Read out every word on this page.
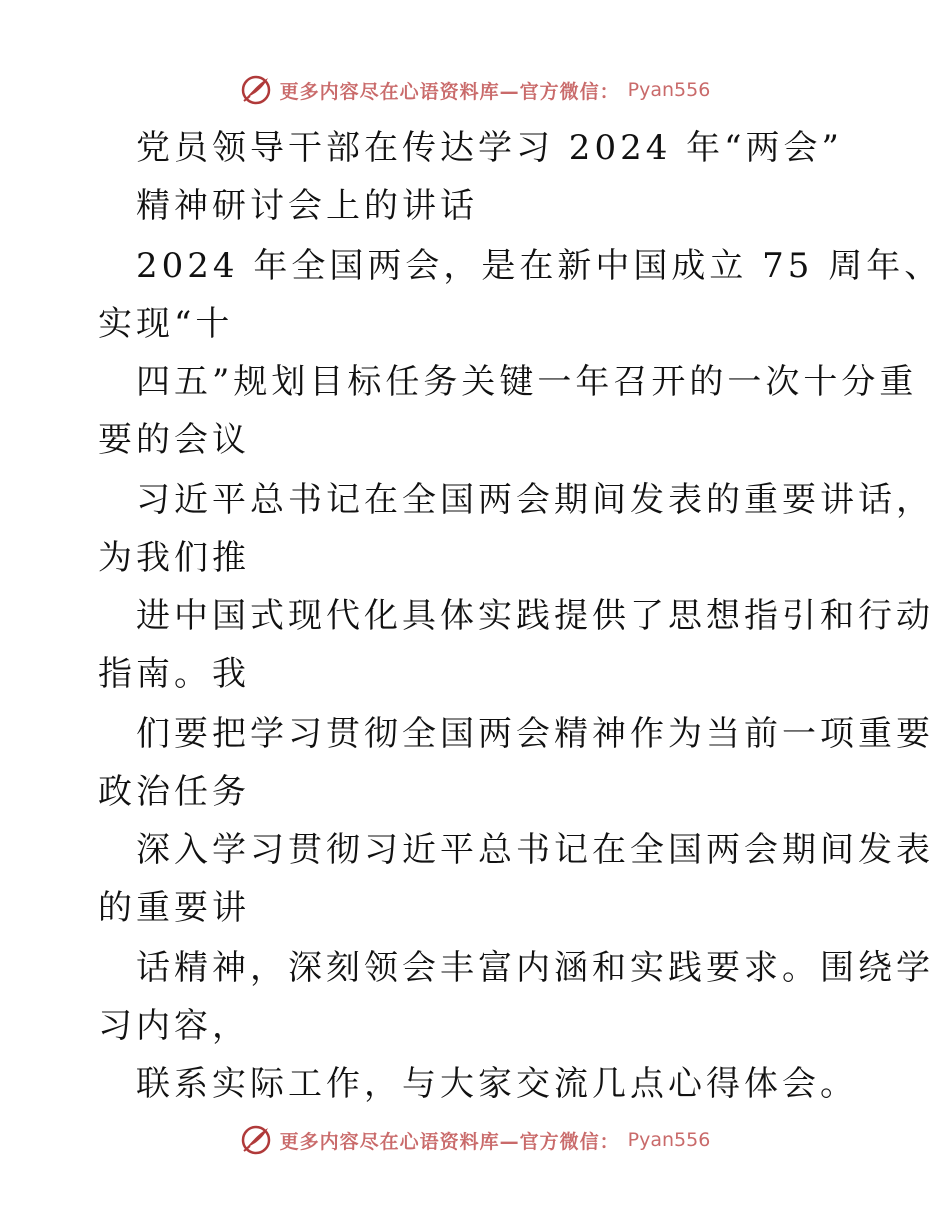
更多内容尽在心语资料库—官方微信： Pyan556
党员领导干部在传达学习 2024 年“两会”
精神研讨会上的讲话
2024 年全国两会，是在新中国成立 75 周年、
实现“十
四五”规划目标任务关键一年召开的一次十分重
要的会议
习近平总书记在全国两会期间发表的重要讲话，
为我们推
进中国式现代化具体实践提供了思想指引和行动
指南。我
们要把学习贯彻全国两会精神作为当前一项重要
政治任务
深入学习贯彻习近平总书记在全国两会期间发表
的重要讲
话精神，深刻领会丰富内涵和实践要求。围绕学
习内容，
联系实际工作，与大家交流几点心得体会。
更多内容尽在心语资料库—官方微信： Pyan556
